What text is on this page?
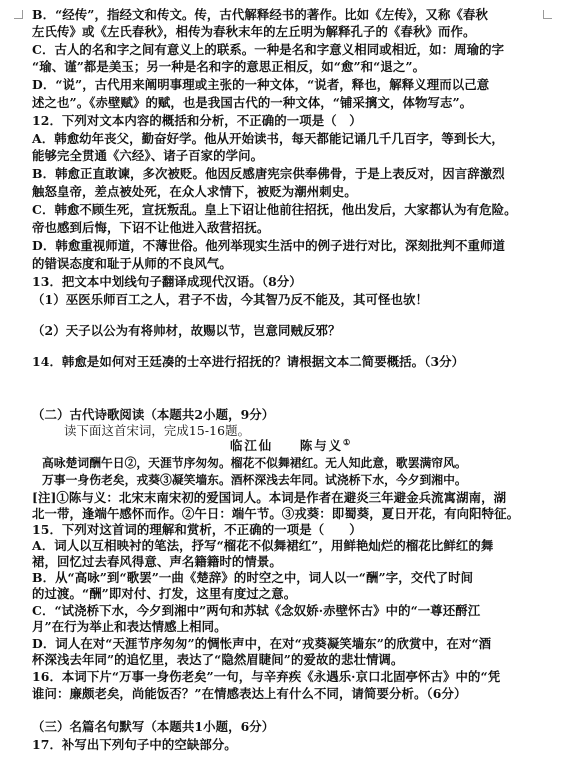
B．“经传”，指经文和传文。传，古代解释经书的著作。比如《左传》，又称《春秋
左氏传》或《左氏春秋》，相传为春秋末年的左丘明为解释孔子的《春秋》而作。
C．古人的名和字之间有意义上的联系。一种是名和字意义相同或相近，如：周瑜的字
“瑜、谨”都是美玉；另一种是名和字的意思正相反，如“愈”和“退之”。
D．“说”，古代用来阐明事理或主张的一种文体，“说者，释也，解释义理而以己意
述之也”。《赤壁赋》的赋，也是我国古代的一种文体，“铺采摛文，体物写志”。
12．下列对文本内容的概括和分析，不正确的一项是（　）
A．韩愈幼年丧父，勤奋好学。他从开始读书，每天都能记诵几千几百字，等到长大，
能够完全贯通《六经》、诸子百家的学问。
B．韩愈正直敢谏，多次被贬。他因反感唐宪宗供奉佛骨，于是上表反对，因言辞激烈
触怒皇帝，差点被处死，在众人求情下，被贬为潮州刺史。
C．韩愈不顾生死，宣抚叛乱。皇上下诏让他前往招抚，他出发后，大家都认为有危险。
帝也感到后悔，下诏不让他进入敌营招抚。
D．韩愈重视师道，不薄世俗。他列举现实生活中的例子进行对比，深刻批判不重师道
的错误态度和耻于从师的不良风气。
13．把文本中划线句子翻译成现代汉语。（8分）
（1）巫医乐师百工之人，君子不齿，今其智乃反不能及，其可怪也欤！
（2）天子以公为有将帅材，故赐以节，岂意同贼反邪？
14．韩愈是如何对王廷凑的士卒进行招抚的？请根据文本二简要概括。（3分）
（二）古代诗歌阅读（本题共2小题，9分）
读下面这首宋词，完成15-16题。
临江仙 陈与义①
高咏楚词酬午日②，天涯节序匆匆。榴花不似舞裙红。无人知此意，歌罢满帘风。
万事一身伤老矣，戎葵③凝笑墙东。酒杯深浅去年同。试浇桥下水，今夕到湘中。
[注]①陈与义：北宋末南宋初的爱国词人。本词是作者在避炎三年避金兵流寓湖南，湖
北一带，逢端午感怀而作。②午日：端午节。③戎葵：即蜀葵，夏日开花，有向阳特征。
15．下列对这首词的理解和赏析，不正确的一项是（　　）
A．词人以互相映衬的笔法，抒写“榴花不似舞裙红”，用鲜艳灿烂的榴花比鲜红的舞
裙，回忆过去春风得意、声名籍籍时的情景。
B．从“高咏”到“歌罢”一曲《楚辞》的时空之中，词人以一“酬”字，交代了时间
的过渡。“酬”即对付、打发，这里有度过之意。
C．“试浇桥下水，今夕到湘中”两句和苏轼《念奴娇·赤壁怀古》中的“一尊还酹江
月”在行为举止和表达情感上相同。
D．词人在对“天涯节序匆匆”的惆怅声中，在对“戎葵凝笑墙东”的欣赏中，在对“酒
杯深浅去年同”的追忆里，表达了“隐然眉睫间”的爱故的悲壮情调。
16．本词下片“万事一身伤老矣”一句，与辛弃疾《永遇乐·京口北固亭怀古》中的“凭
谁问：廉颇老矣，尚能饭否？”在情感表达上有什么不同，请简要分析。（6分）
（三）名篇名句默写（本题共1小题，6分）
17．补写出下列句子中的空缺部分。
